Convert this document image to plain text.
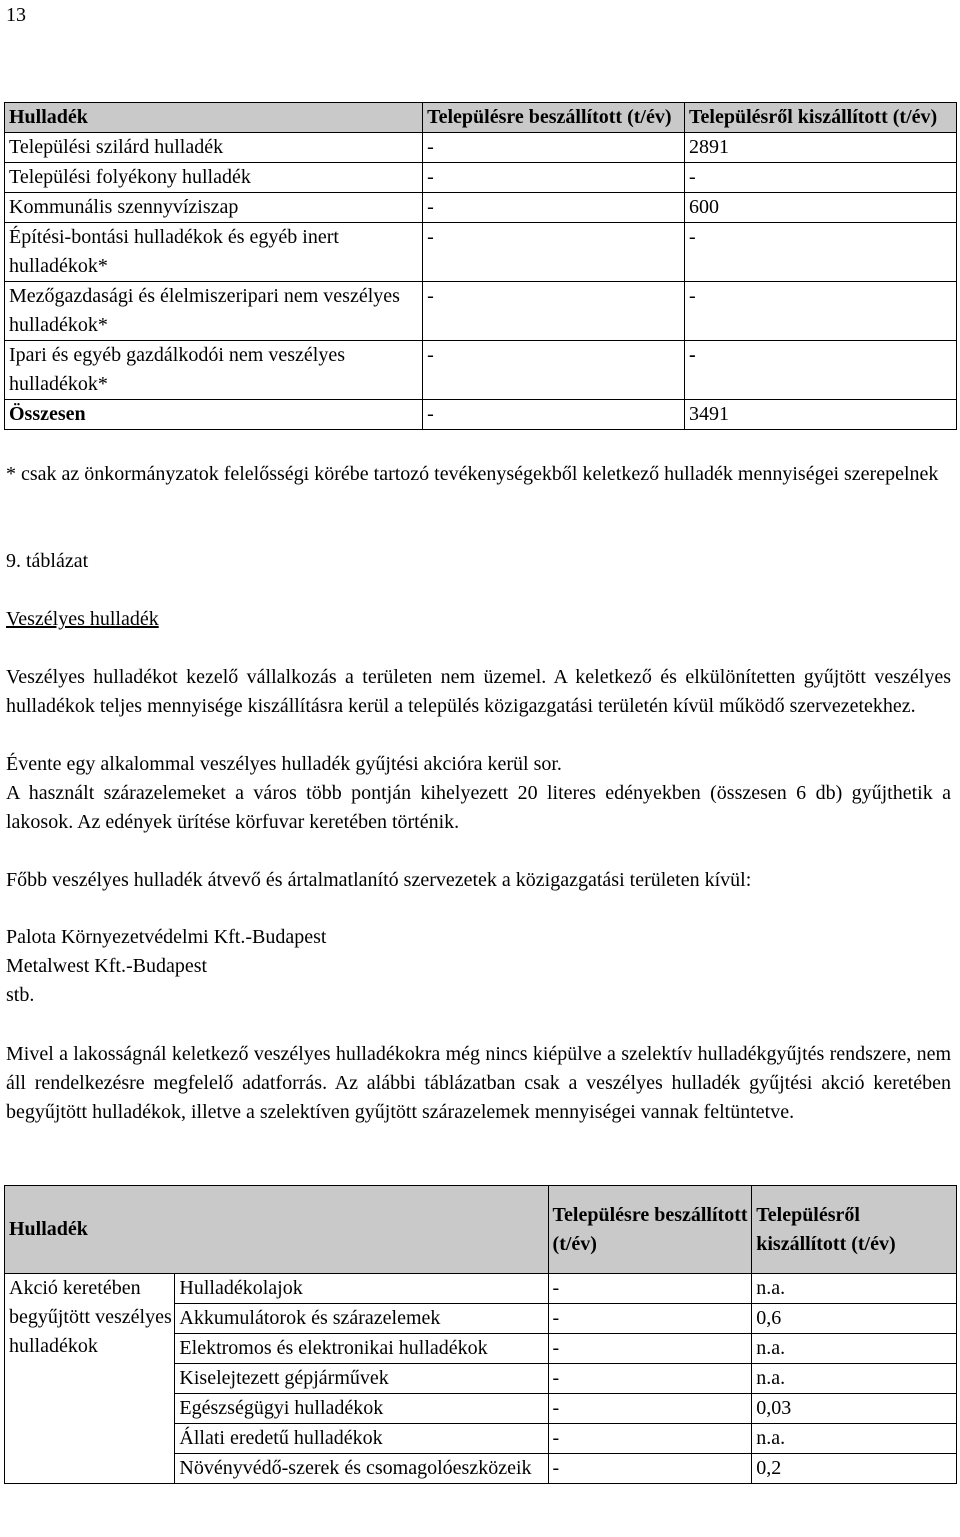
13
Hulladék	Településre beszállított (t/év)	Településről kiszállított (t/év)
Települési szilárd hulladék	-	2891
Települési folyékony hulladék	-	-
Kommunális szennyvíziszap	-	600
Építési-bontási hulladékok és egyéb inert hulladékok*	-	-
Mezőgazdasági és élelmiszeripari nem veszélyes hulladékok*	-	-
Ipari és egyéb gazdálkodói nem veszélyes hulladékok*	-	-
Összesen	-	3491
* csak az önkormányzatok felelősségi körébe tartozó tevékenységekből keletkező hulladék mennyiségei szerepelnek
9. táblázat
Veszélyes hulladék
Veszélyes hulladékot kezelő vállalkozás a területen nem üzemel. A keletkező és elkülönítetten gyűjtött veszélyes hulladékok teljes mennyisége kiszállításra kerül a település közigazgatási területén kívül működő szervezetekhez.
Évente egy alkalommal veszélyes hulladék gyűjtési akcióra kerül sor.
A használt szárazelemeket a város több pontján kihelyezett 20 literes edényekben (összesen 6 db) gyűjthetik a lakosok. Az edények ürítése körfuvar keretében történik.
Főbb veszélyes hulladék átvevő és ártalmatlanító szervezetek a közigazgatási területen kívül:
Palota Környezetvédelmi Kft.-Budapest
Metalwest Kft.-Budapest
stb.
Mivel a lakosságnál keletkező veszélyes hulladékokra még nincs kiépülve a szelektív hulladékgyűjtés rendszere, nem áll rendelkezésre megfelelő adatforrás. Az alábbi táblázatban csak a veszélyes hulladék gyűjtési akció keretében begyűjtött hulladékok, illetve a szelektíven gyűjtött szárazelemek mennyiségei vannak feltüntetve.
Hulladék		Településre beszállított (t/év)	Településről kiszállított (t/év)
Akció keretében begyűjtött veszélyes hulladékok	Hulladékolajok	-	n.a.
	Akkumulátorok és szárazelemek	-	0,6
	Elektromos és elektronikai hulladékok	-	n.a.
	Kiselejtezett gépjárművek	-	n.a.
	Egészségügyi hulladékok	-	0,03
	Állati eredetű hulladékok	-	n.a.
	Növényvédő-szerek és csomagolóeszközeik	-	0,2
